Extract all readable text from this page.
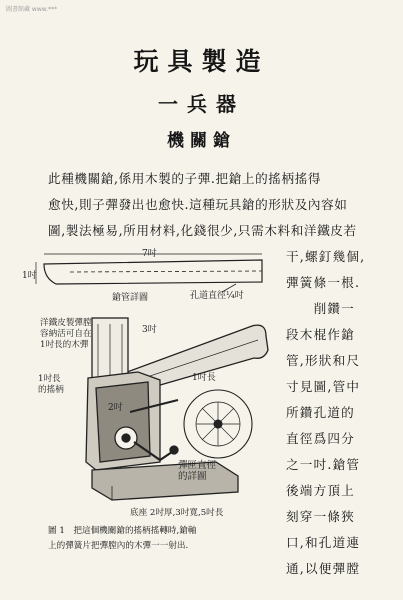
圖書館藏 www.***
玩具製造
一兵器
機關鎗
此種機關鎗,係用木製的子彈.把鎗上的搖柄搖得
愈快,則子彈發出也愈快.這種玩具鎗的形狀及內容如
圖,製法極易,所用材料,化錢很少,只需木料和洋鐵皮若
干,螺釘幾個,
彈簧條一根.
　　削鑽一
段木棍作鎗
管,形狀和尺
寸見圖,管中
所鑽孔道的
直徑爲四分
之一吋.鎗管
後端方頂上
刻穿一條狹
口,和孔道連
通,以便彈膛
7吋
1吋
鎗管詳圖	孔道直徑¼吋
洋鐵皮製彈膛
容納活可自在
1吋長的木彈
3吋
1吋長
的搖柄
1吋長
2吋
彈匣直徑
的詳圖
底座 2吋厚,3吋寬,5吋長
圖 1　把這個機關鎗的搖柄搖轉時,鎗軸
上的彈簧片把彈膛內的木彈一一射出.
